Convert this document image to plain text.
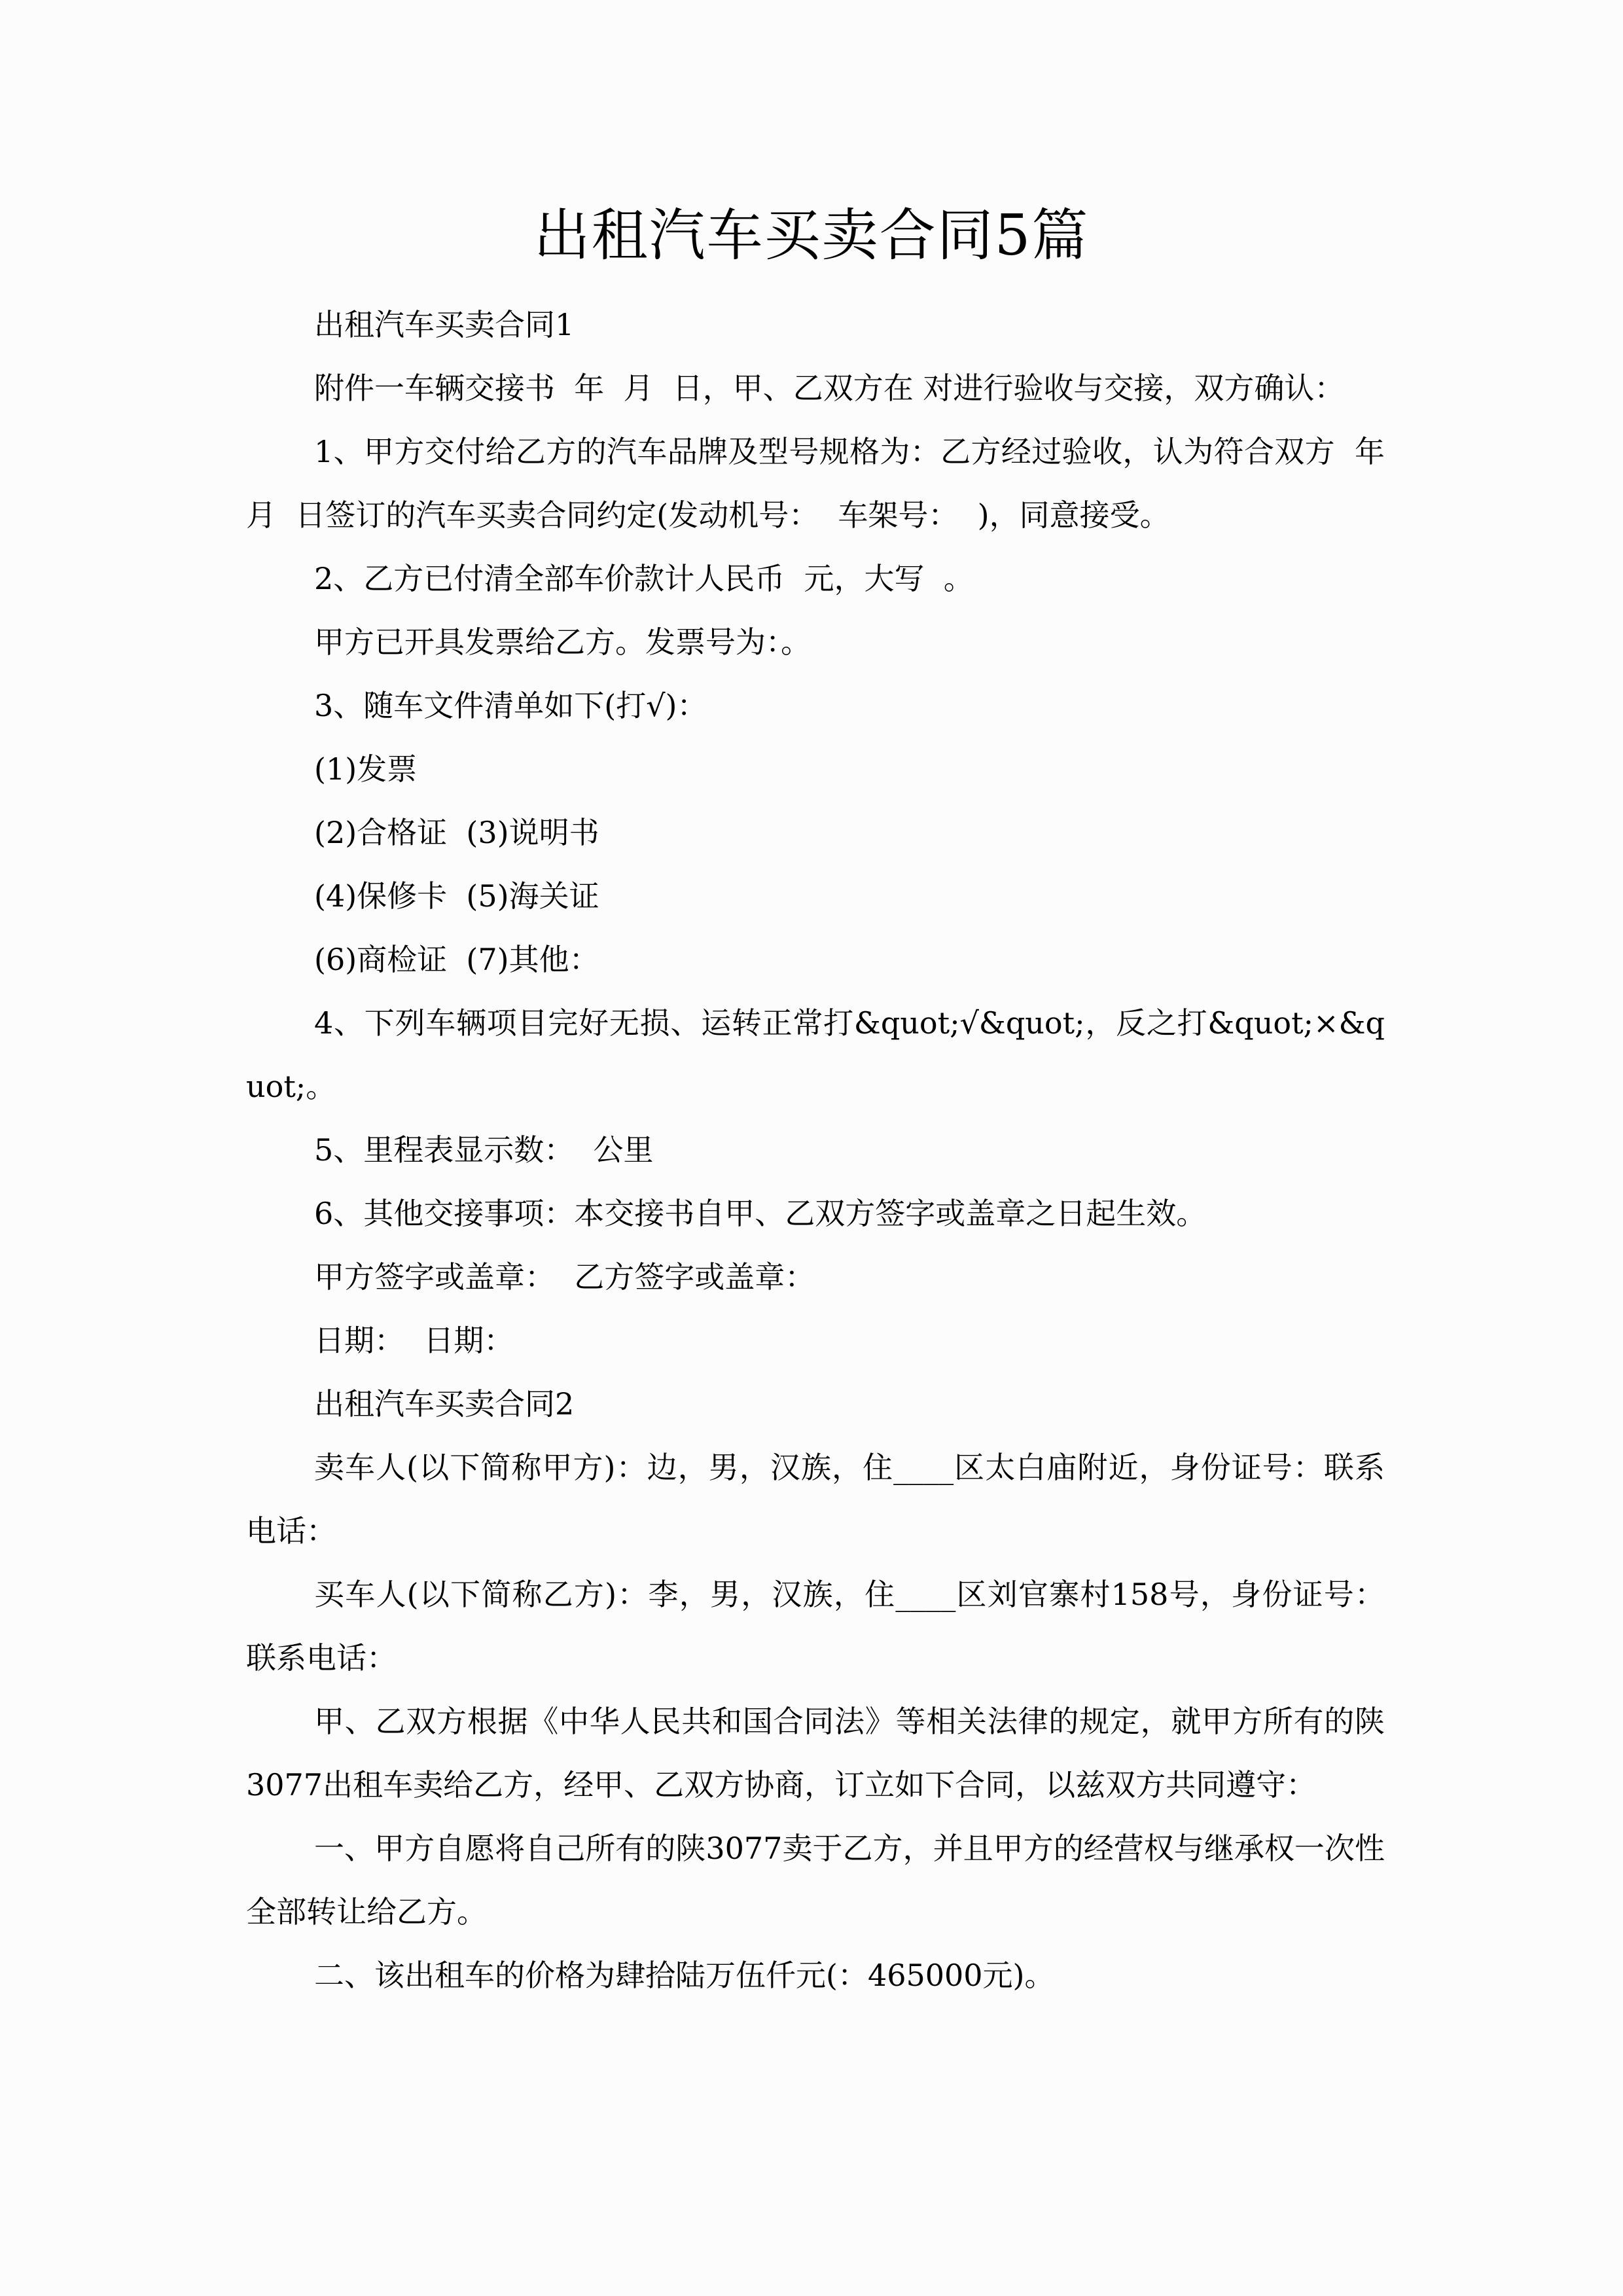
出租汽车买卖合同5篇

出租汽车买卖合同1

附件一车辆交接书  年  月  日，甲、乙双方在 对进行验收与交接，双方确认：

1、甲方交付给乙方的汽车品牌及型号规格为：乙方经过验收，认为符合双方  年  月  日签订的汽车买卖合同约定(发动机号：  车架号：  )，同意接受。

2、乙方已付清全部车价款计人民币  元，大写  。

甲方已开具发票给乙方。发票号为：。

3、随车文件清单如下(打√)：

(1)发票

(2)合格证  (3)说明书

(4)保修卡  (5)海关证

(6)商检证  (7)其他：

4、下列车辆项目完好无损、运转正常打&quot;√&quot;，反之打&quot;×&quot;。

5、里程表显示数：  公里

6、其他交接事项：本交接书自甲、乙双方签字或盖章之日起生效。

甲方签字或盖章：  乙方签字或盖章：

日期：  日期：

出租汽车买卖合同2

卖车人(以下简称甲方)：边，男，汉族，住____区太白庙附近，身份证号：联系电话：

买车人(以下简称乙方)：李，男，汉族，住____区刘官寨村158号，身份证号：  联系电话：

甲、乙双方根据《中华人民共和国合同法》等相关法律的规定，就甲方所有的陕3077出租车卖给乙方，经甲、乙双方协商，订立如下合同，以兹双方共同遵守：

一、甲方自愿将自己所有的陕3077卖于乙方，并且甲方的经营权与继承权一次性全部转让给乙方。

二、该出租车的价格为肆拾陆万伍仟元(：465000元)。
